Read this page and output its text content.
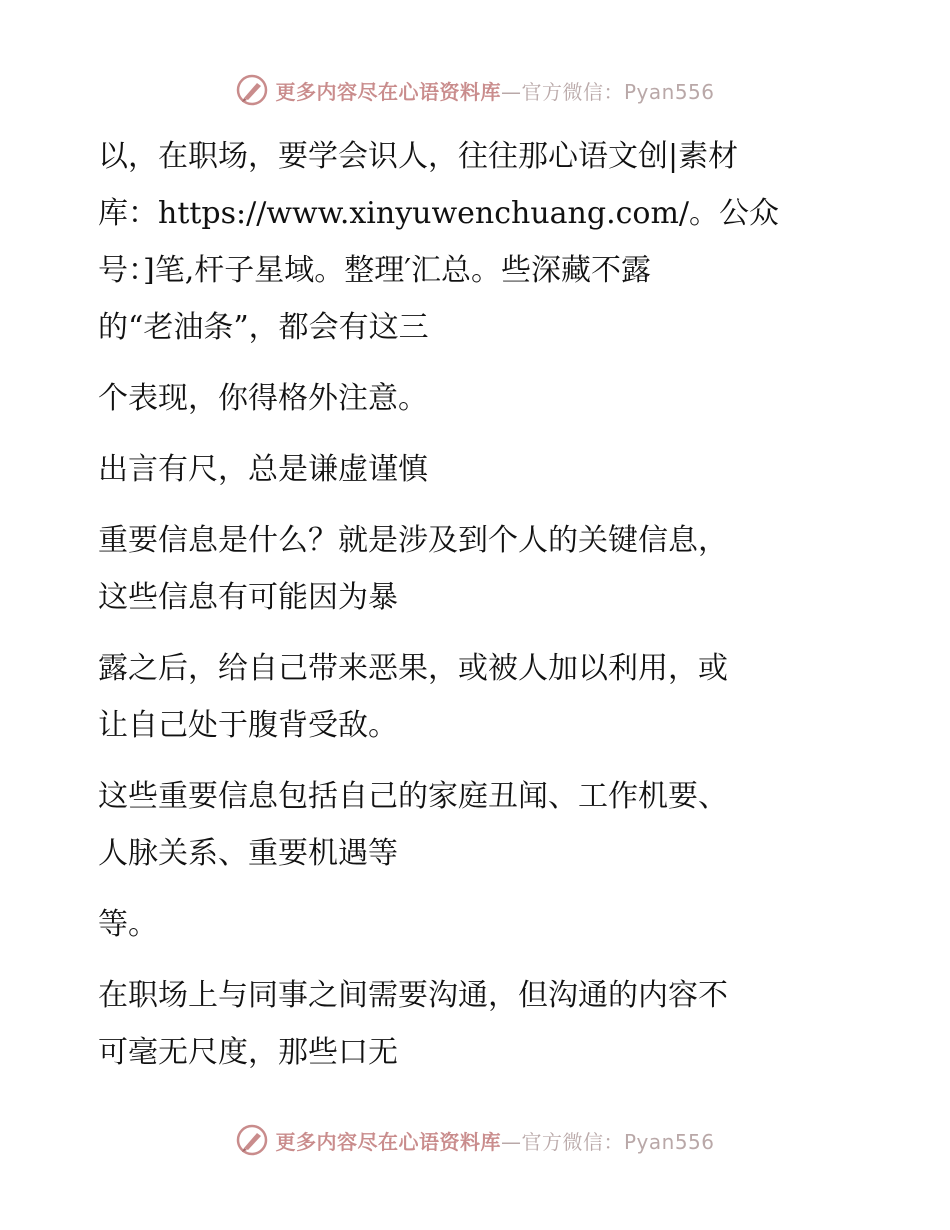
更多内容尽在心语资料库—官方微信：Pyan556

以，在职场，要学会识人，往往那心语文创|素材
库：https://www.xinyuwenchuang.com/。公众
号：]笔,杆子星域。整理′汇总。些深藏不露
的“老油条”，都会有这三

个表现，你得格外注意。

出言有尺，总是谦虚谨慎

重要信息是什么？就是涉及到个人的关键信息，
这些信息有可能因为暴

露之后，给自己带来恶果，或被人加以利用，或
让自己处于腹背受敌。

这些重要信息包括自己的家庭丑闻、工作机要、
人脉关系、重要机遇等

等。

在职场上与同事之间需要沟通，但沟通的内容不
可毫无尺度，那些口无

更多内容尽在心语资料库—官方微信：Pyan556
